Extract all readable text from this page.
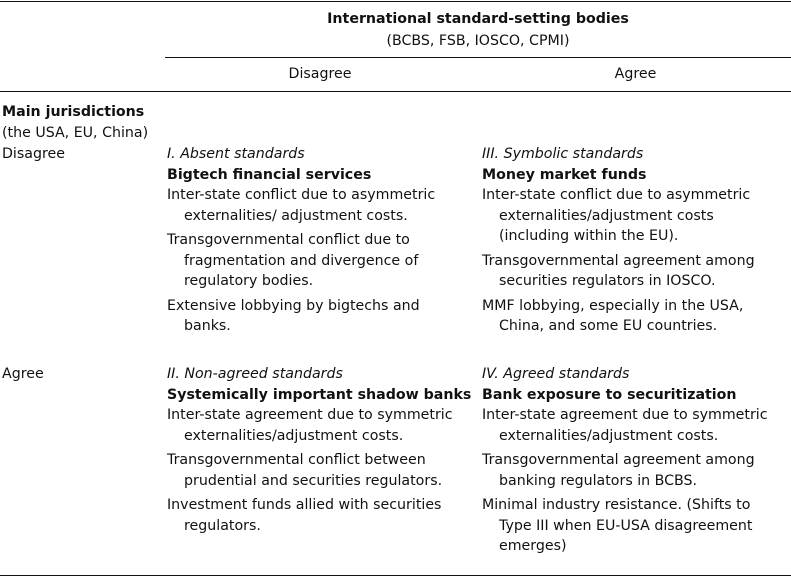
International standard-setting bodies
(BCBS, FSB, IOSCO, CPMI)
Disagree	Agree
Main jurisdictions
(the USA, EU, China)
Disagree
Agree
I. Absent standards
Bigtech financial services
Inter-state conflict due to asymmetric externalities/ adjustment costs.
Transgovernmental conflict due to fragmentation and divergence of regulatory bodies.
Extensive lobbying by bigtechs and banks.
III. Symbolic standards
Money market funds
Inter-state conflict due to asymmetric externalities/adjustment costs (including within the EU).
Transgovernmental agreement among securities regulators in IOSCO.
MMF lobbying, especially in the USA, China, and some EU countries.
II. Non-agreed standards
Systemically important shadow banks
Inter-state agreement due to symmetric externalities/adjustment costs.
Transgovernmental conflict between prudential and securities regulators.
Investment funds allied with securities regulators.
IV. Agreed standards
Bank exposure to securitization
Inter-state agreement due to symmetric externalities/adjustment costs.
Transgovernmental agreement among banking regulators in BCBS.
Minimal industry resistance. (Shifts to Type III when EU-USA disagreement emerges)
